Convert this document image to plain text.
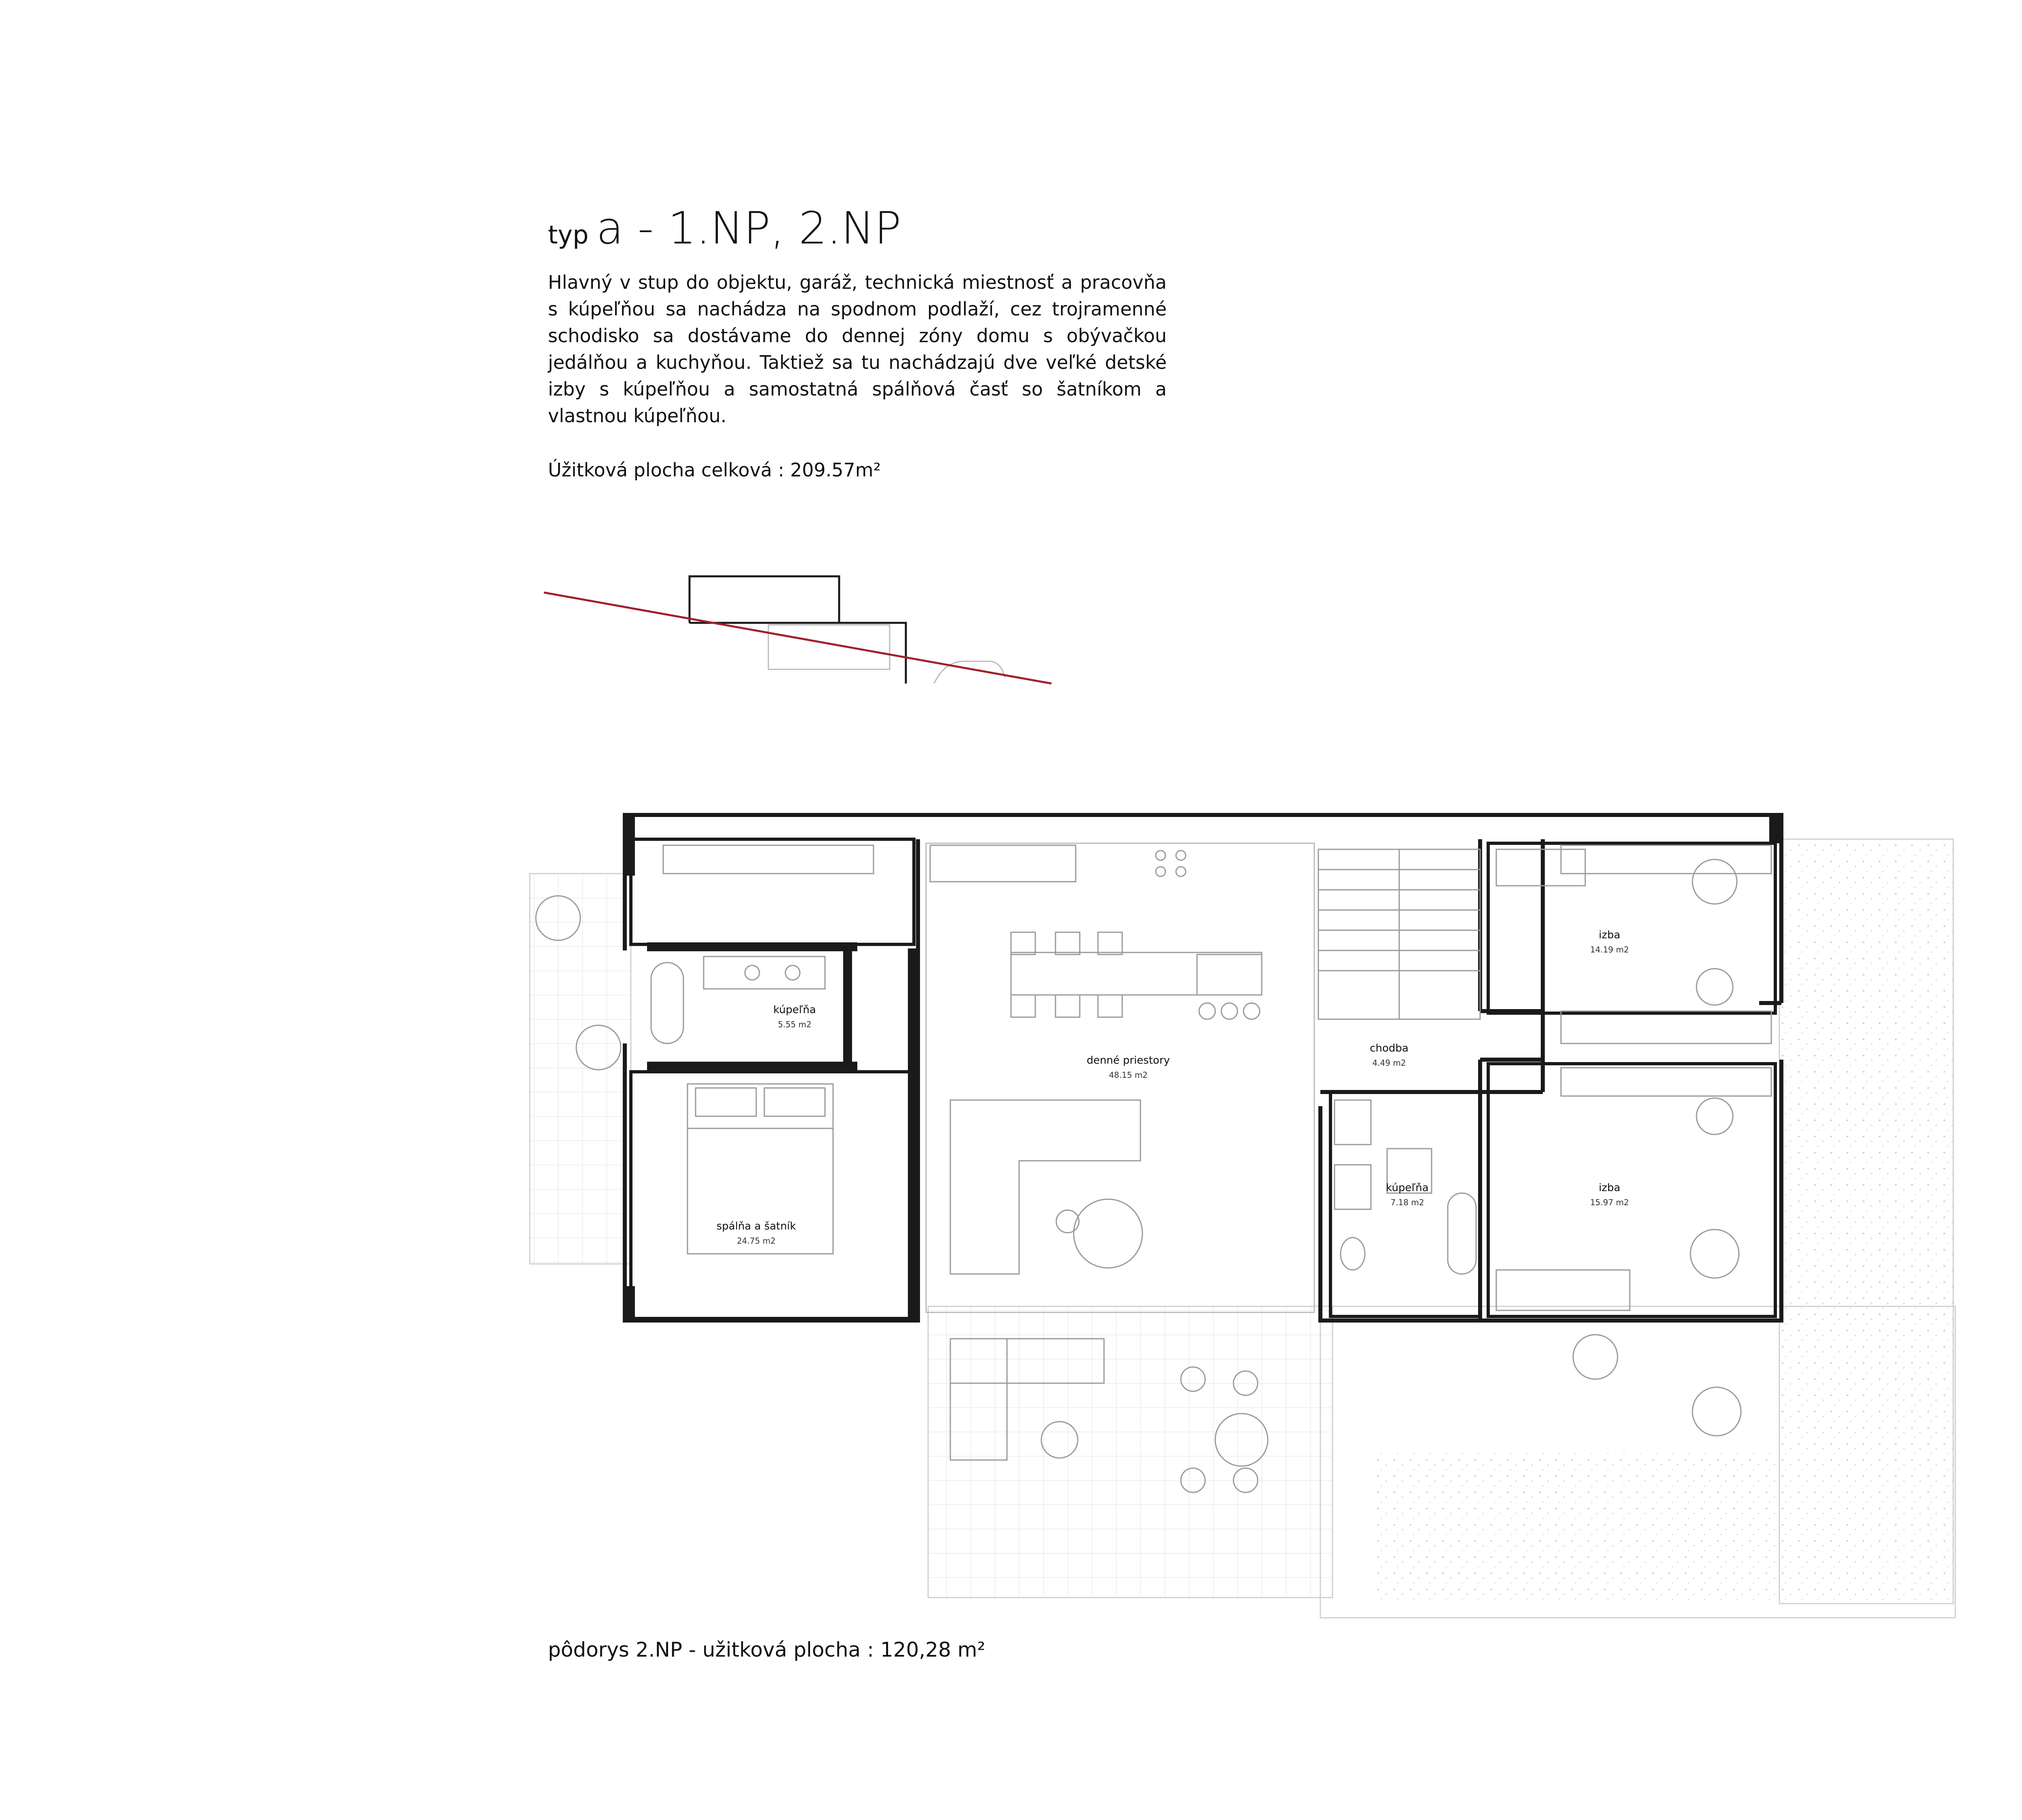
typ a - 1.NP, 2.NP
Hlavný v stup do objektu, garáž, technická miestnosť a pracovňa s kúpeľňou sa nachádza na spodnom podlaží, cez trojramenné schodisko sa dostávame do dennej zóny domu s obývačkou jedálňou a kuchyňou. Taktiež sa tu nachádzajú dve veľké detské izby s kúpeľňou a samostatná spálňová časť so šatníkom a vlastnou kúpeľňou.
Úžitková plocha celková : 209.57m²
kúpeľňa
5.55 m2
spálňa a šatník
24.75 m2
denné priestory
48.15 m2
chodba
4.49 m2
kúpeľňa
7.18 m2
izba
14.19 m2
izba
15.97 m2
pôdorys 2.NP - užitková plocha : 120,28 m²
